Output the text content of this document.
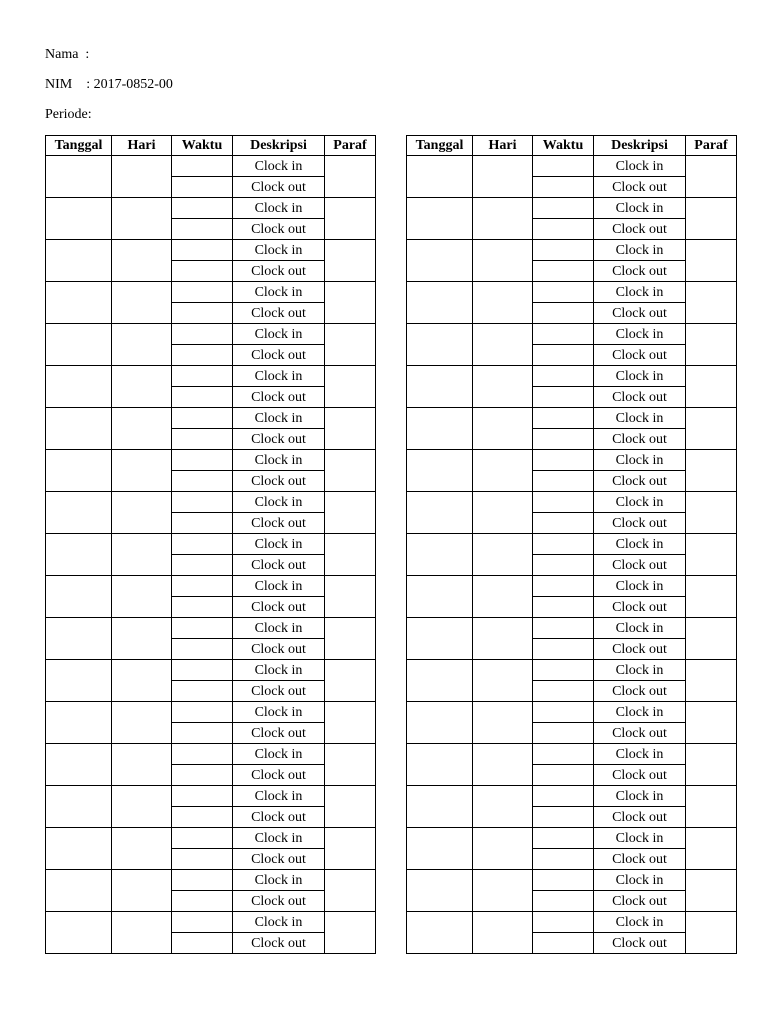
Nama  :
NIM    : 2017-0852-00
Periode:
Tanggal	Hari	Waktu	Deskripsi	Paraf
			Clock in	
			Clock out	
			Clock in	
			Clock out	
			Clock in	
			Clock out	
			Clock in	
			Clock out	
			Clock in	
			Clock out	
			Clock in	
			Clock out	
			Clock in	
			Clock out	
			Clock in	
			Clock out	
			Clock in	
			Clock out	
			Clock in	
			Clock out	
			Clock in	
			Clock out	
			Clock in	
			Clock out	
			Clock in	
			Clock out	
			Clock in	
			Clock out	
			Clock in	
			Clock out	
			Clock in	
			Clock out	
			Clock in	
			Clock out	
			Clock in	
			Clock out	
			Clock in	
			Clock out	
Tanggal	Hari	Waktu	Deskripsi	Paraf
			Clock in	
			Clock out	
			Clock in	
			Clock out	
			Clock in	
			Clock out	
			Clock in	
			Clock out	
			Clock in	
			Clock out	
			Clock in	
			Clock out	
			Clock in	
			Clock out	
			Clock in	
			Clock out	
			Clock in	
			Clock out	
			Clock in	
			Clock out	
			Clock in	
			Clock out	
			Clock in	
			Clock out	
			Clock in	
			Clock out	
			Clock in	
			Clock out	
			Clock in	
			Clock out	
			Clock in	
			Clock out	
			Clock in	
			Clock out	
			Clock in	
			Clock out	
			Clock in	
			Clock out	
